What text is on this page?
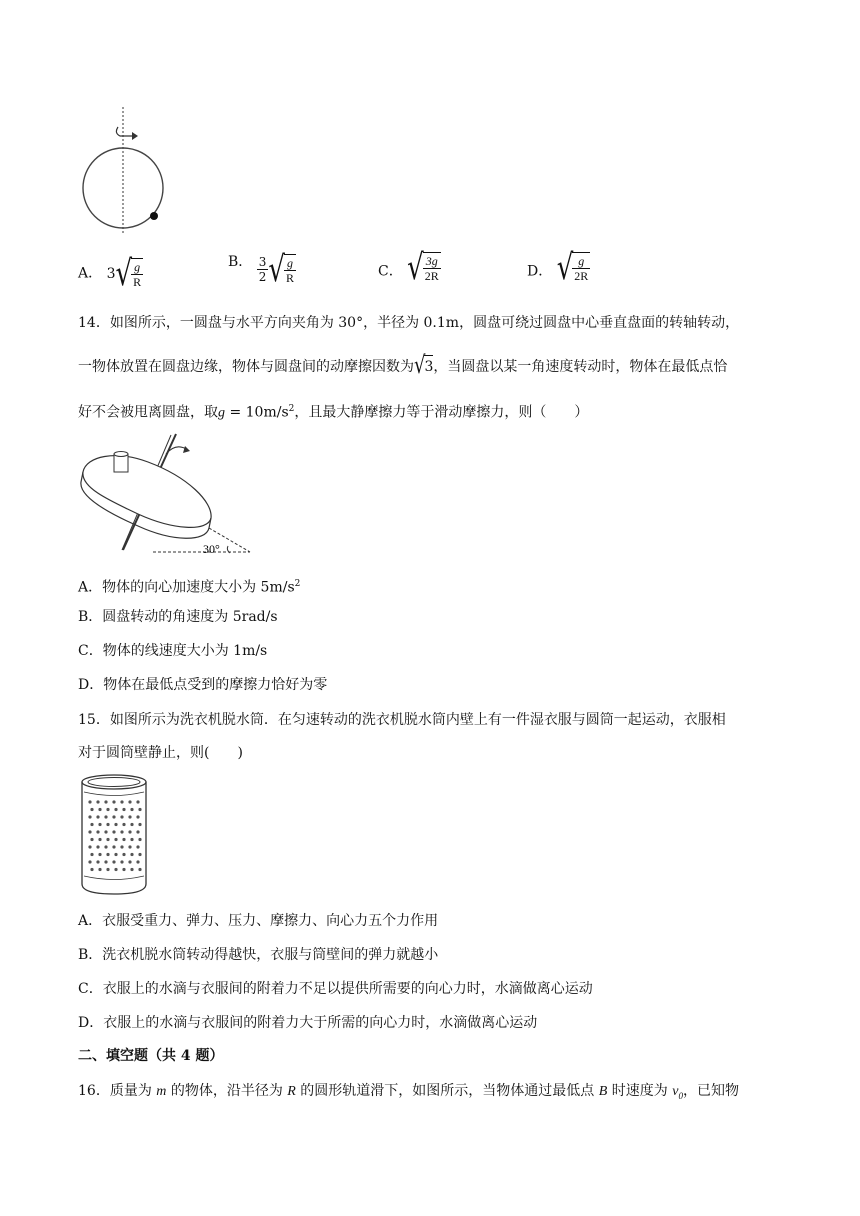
A． 3 √ $\frac{g}{R}$	B． $\frac{3}{2}$ √ $\frac{g}{R}$	C． √ $\frac{3g}{2R}$	D． √ $\frac{g}{2R}$
14．如图所示，一圆盘与水平方向夹角为 30°，半径为 0.1m，圆盘可绕过圆盘中心垂直盘面的转轴转动，
一物体放置在圆盘边缘，物体与圆盘间的动摩擦因数为√3，当圆盘以某一角速度转动时，物体在最低点恰
好不会被甩离圆盘，取$g = 10m/s^2$，且最大静摩擦力等于滑动摩擦力，则（　　）
30°
A．物体的向心加速度大小为 $5m/s^2$
B．圆盘转动的角速度为 5rad/s
C．物体的线速度大小为 1m/s
D．物体在最低点受到的摩擦力恰好为零
15．如图所示为洗衣机脱水筒．在匀速转动的洗衣机脱水筒内壁上有一件湿衣服与圆筒一起运动，衣服相
对于圆筒壁静止，则(　　)
A．衣服受重力、弹力、压力、摩擦力、向心力五个力作用
B．洗衣机脱水筒转动得越快，衣服与筒壁间的弹力就越小
C．衣服上的水滴与衣服间的附着力不足以提供所需要的向心力时，水滴做离心运动
D．衣服上的水滴与衣服间的附着力大于所需的向心力时，水滴做离心运动
二、填空题（共 4 题）
16．质量为 m 的物体，沿半径为 R 的圆形轨道滑下，如图所示，当物体通过最低点 B 时速度为 $v_0$，已知物
